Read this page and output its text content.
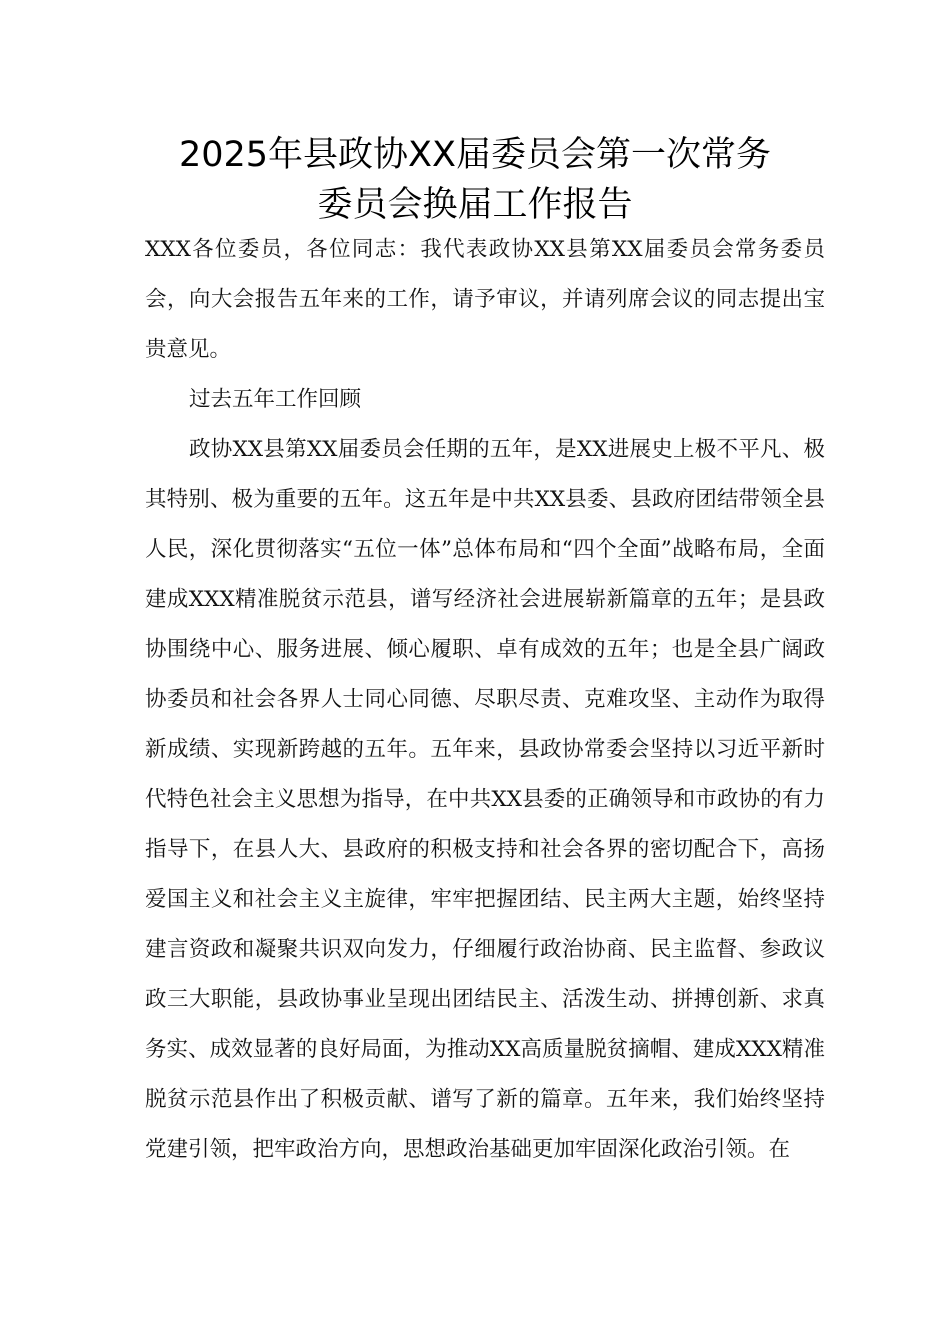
2025年县政协XX届委员会第一次常务
委员会换届工作报告

XXX各位委员，各位同志：我代表政协XX县第XX届委员会常务委员会，向大会报告五年来的工作，请予审议，并请列席会议的同志提出宝贵意见。

过去五年工作回顾

政协XX县第XX届委员会任期的五年，是XX进展史上极不平凡、极其特别、极为重要的五年。这五年是中共XX县委、县政府团结带领全县人民，深化贯彻落实“五位一体”总体布局和“四个全面”战略布局，全面建成XXX精准脱贫示范县，谱写经济社会进展崭新篇章的五年；是县政协围绕中心、服务进展、倾心履职、卓有成效的五年；也是全县广阔政协委员和社会各界人士同心同德、尽职尽责、克难攻坚、主动作为取得新成绩、实现新跨越的五年。五年来，县政协常委会坚持以习近平新时代特色社会主义思想为指导，在中共XX县委的正确领导和市政协的有力指导下，在县人大、县政府的积极支持和社会各界的密切配合下，高扬爱国主义和社会主义主旋律，牢牢把握团结、民主两大主题，始终坚持建言资政和凝聚共识双向发力，仔细履行政治协商、民主监督、参政议政三大职能，县政协事业呈现出团结民主、活泼生动、拼搏创新、求真务实、成效显著的良好局面，为推动XX高质量脱贫摘帽、建成XXX精准脱贫示范县作出了积极贡献、谱写了新的篇章。五年来，我们始终坚持党建引领，把牢政治方向，思想政治基础更加牢固深化政治引领。在
